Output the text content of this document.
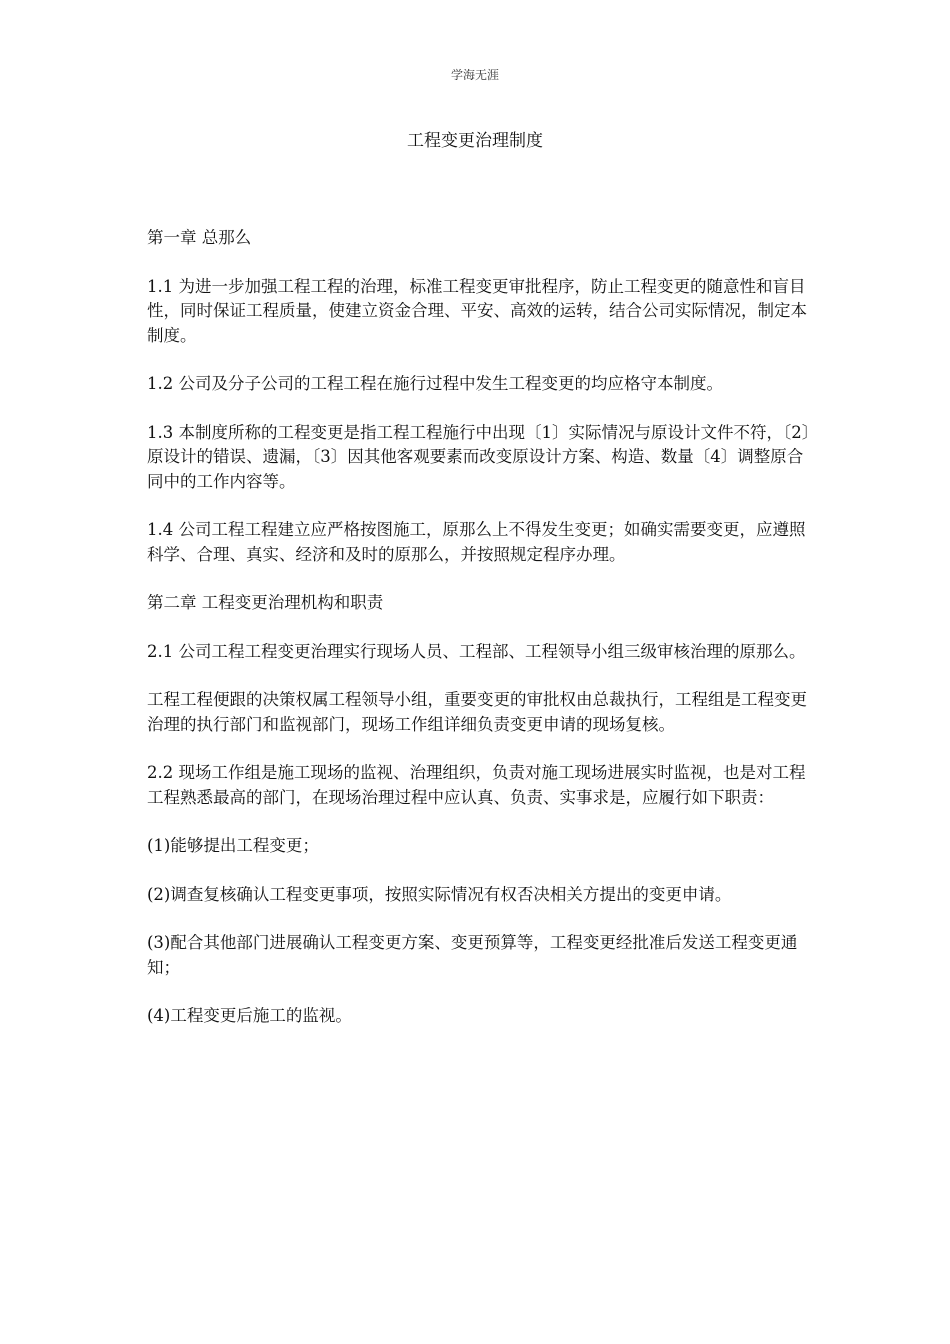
学海无涯
工程变更治理制度

第一章 总那么

1.1 为进一步加强工程工程的治理，标准工程变更审批程序，防止工程变更的随意性和盲目性，同时保证工程质量，使建立资金合理、平安、高效的运转，结合公司实际情况，制定本制度。

1.2 公司及分子公司的工程工程在施行过程中发生工程变更的均应格守本制度。

1.3 本制度所称的工程变更是指工程工程施行中出现〔1〕实际情况与原设计文件不符，〔2〕原设计的错误、遗漏，〔3〕因其他客观要素而改变原设计方案、构造、数量〔4〕调整原合同中的工作内容等。

1.4 公司工程工程建立应严格按图施工，原那么上不得发生变更；如确实需要变更，应遵照科学、合理、真实、经济和及时的原那么，并按照规定程序办理。

第二章 工程变更治理机构和职责

2.1 公司工程工程变更治理实行现场人员、工程部、工程领导小组三级审核治理的原那么。

工程工程便跟的决策权属工程领导小组，重要变更的审批权由总裁执行，工程组是工程变更治理的执行部门和监视部门，现场工作组详细负责变更申请的现场复核。

2.2 现场工作组是施工现场的监视、治理组织，负责对施工现场进展实时监视，也是对工程工程熟悉最高的部门，在现场治理过程中应认真、负责、实事求是，应履行如下职责：

(1)能够提出工程变更；

(2)调查复核确认工程变更事项，按照实际情况有权否决相关方提出的变更申请。

(3)配合其他部门进展确认工程变更方案、变更预算等，工程变更经批准后发送工程变更通知；

(4)工程变更后施工的监视。
